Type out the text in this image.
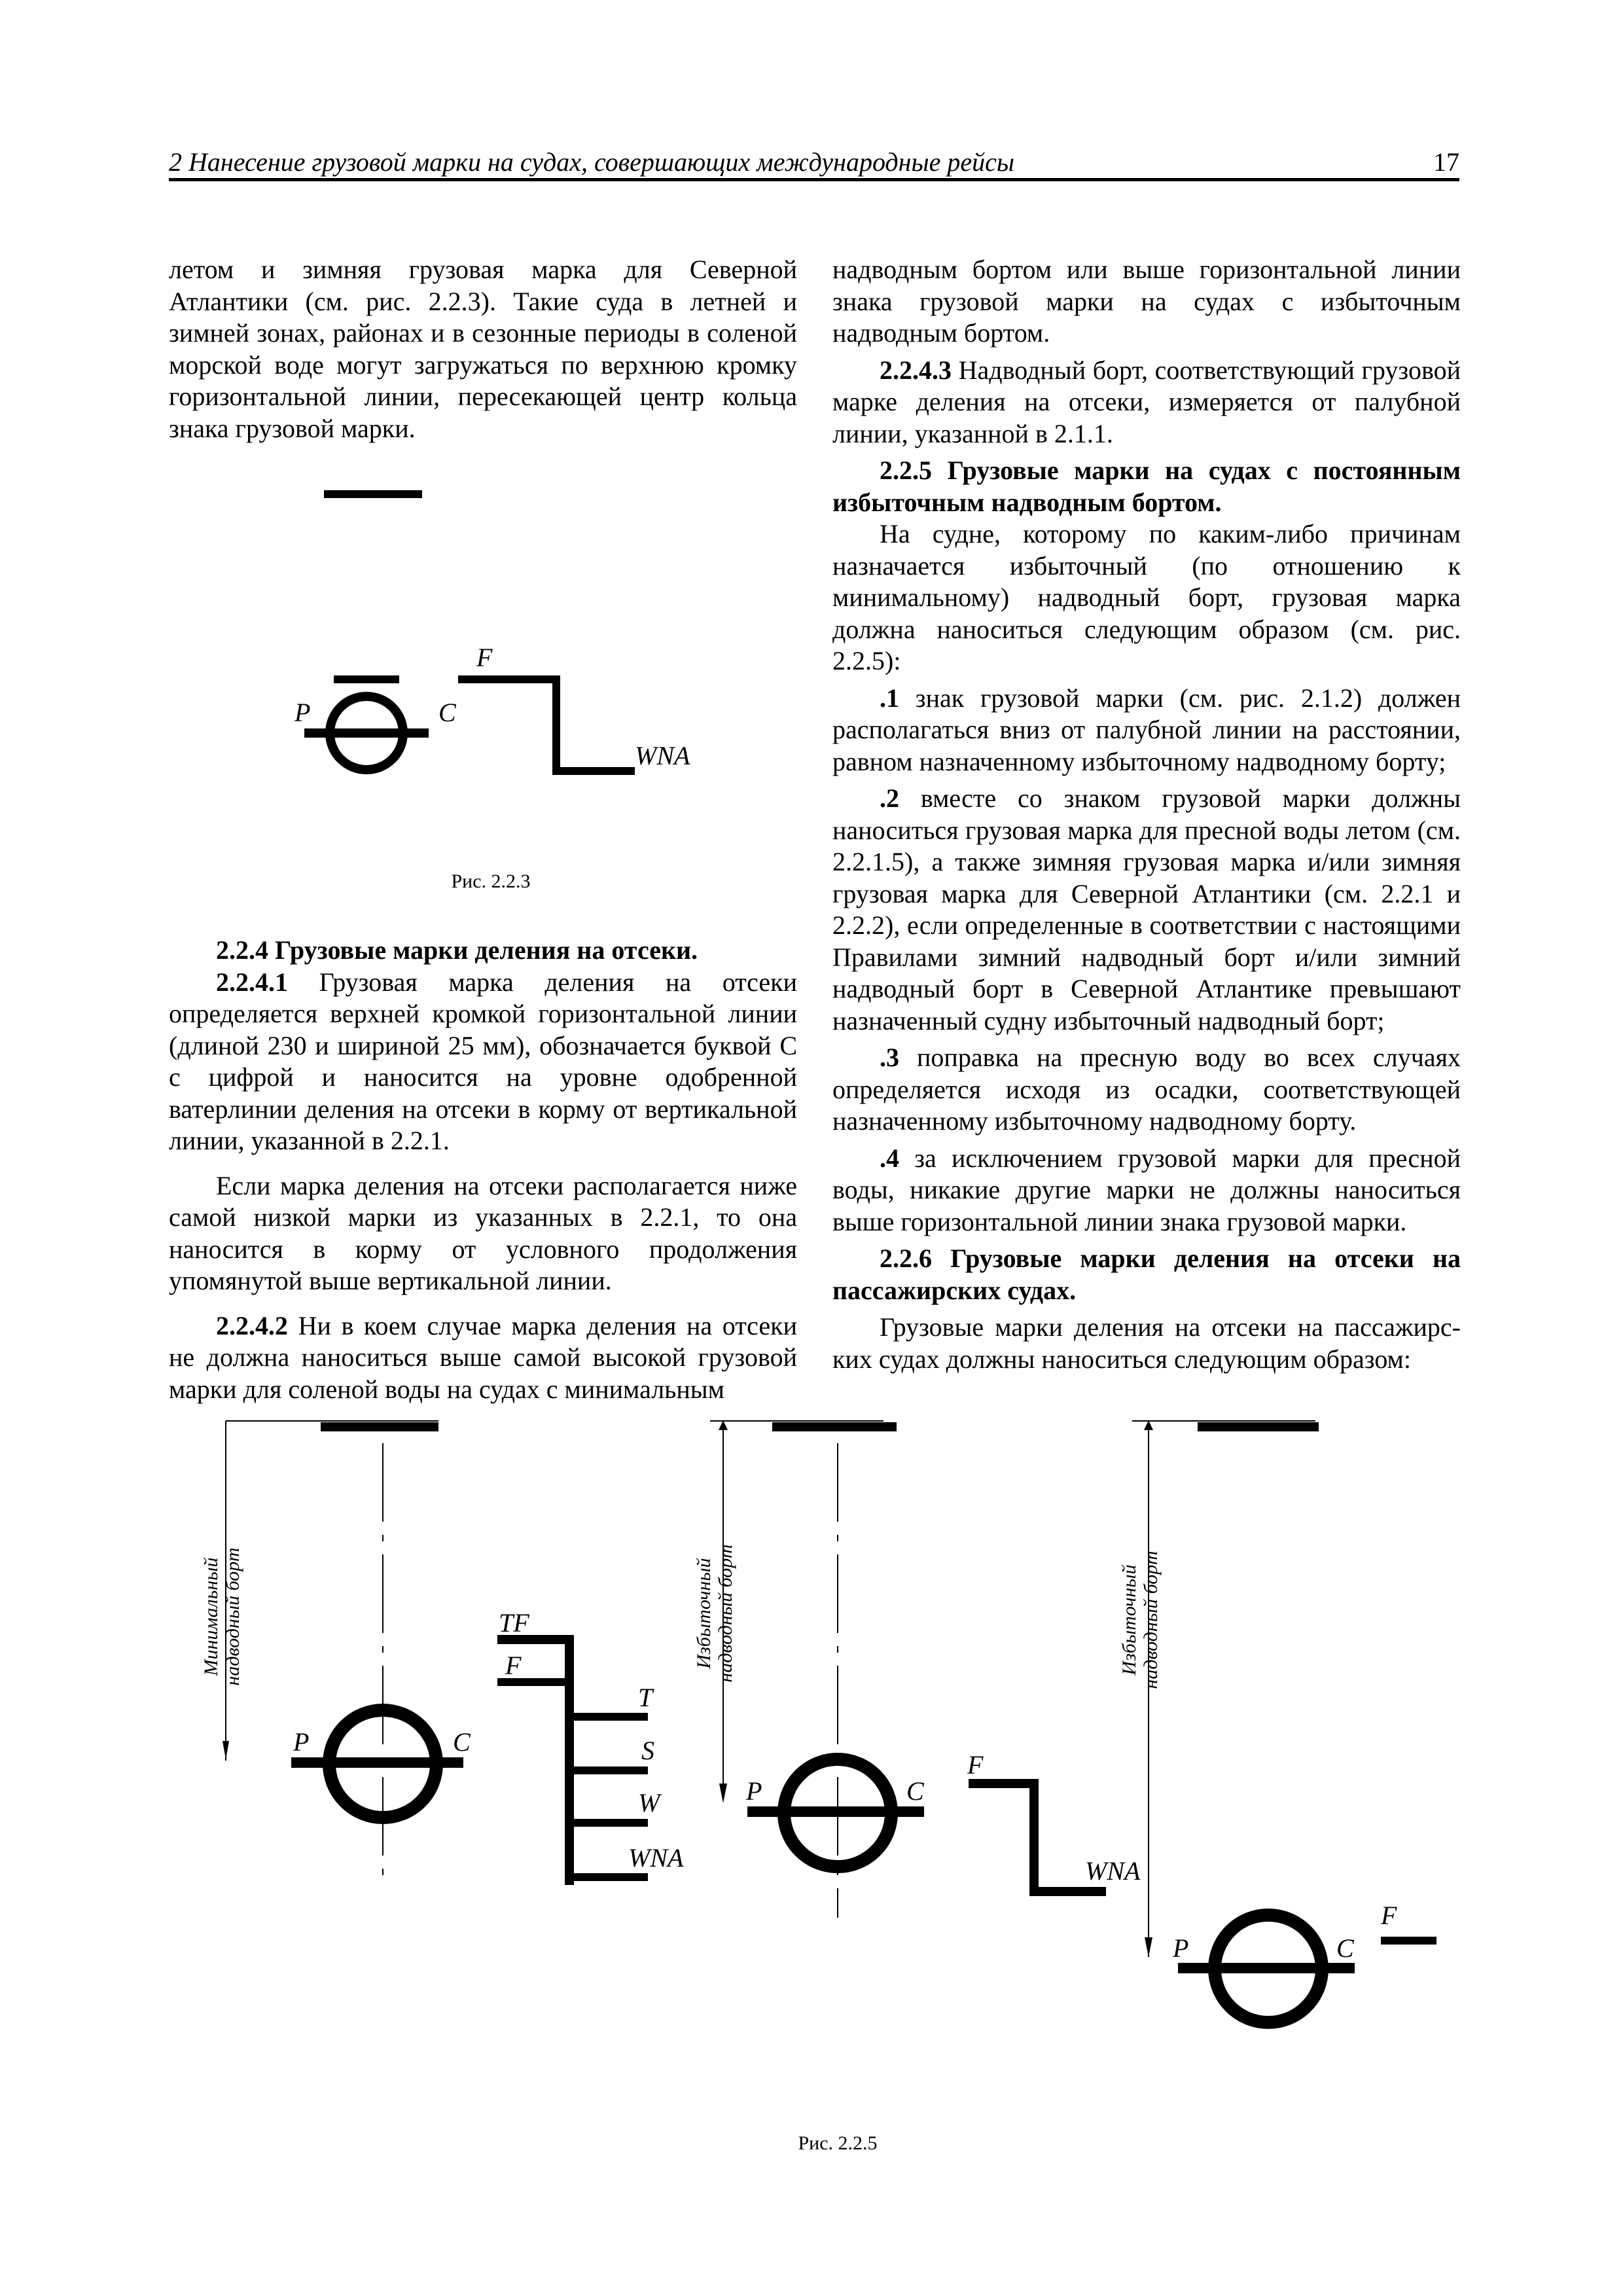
2 Нанесение грузовой марки на судах, совершающих международные рейсы	17

летом и зимняя грузовая марка для Северной Атлантики (см. рис. 2.2.3). Такие суда в летней и зимней зонах, районах и в сезонные периоды в соленой морской воде могут загружаться по верхнюю кромку горизонтальной линии, пересекающей центр кольца знака грузовой марки.

P	C
F
WNA
Рис. 2.2.3

2.2.4 Грузовые марки деления на отсеки.

2.2.4.1 Грузовая марка деления на отсеки определяется верхней кромкой горизонтальной линии (длиной 230 и шириной 25 мм), обозначается буквой С с цифрой и наносится на уровне одобренной ватерлинии деления на отсеки в корму от вертикальной линии, указанной в 2.2.1.

Если марка деления на отсеки располагается ниже самой низкой марки из указанных в 2.2.1, то она наносится в корму от условного продолжения упомянутой выше вертикальной линии.

2.2.4.2 Ни в коем случае марка деления на отсеки не должна наноситься выше самой высокой грузовой марки для соленой воды на судах с минимальным

надводным бортом или выше горизонтальной линии знака грузовой марки на судах с избыточным надводным бортом.

2.2.4.3 Надводный борт, соответствующий грузовой марке деления на отсеки, измеряется от палубной линии, указанной в 2.1.1.

2.2.5 Грузовые марки на судах с постоянным избыточным надводным бортом.

На судне, которому по каким-либо причинам назначается избыточный (по отношению к минимальному) надводный борт, грузовая марка должна наноситься следующим образом (см. рис. 2.2.5):

.1 знак грузовой марки (см. рис. 2.1.2) должен располагаться вниз от палубной линии на расстоянии, равном назначенному избыточному надводному борту;

.2 вместе со знаком грузовой марки должны наноситься грузовая марка для пресной воды летом (см. 2.2.1.5), а также зимняя грузовая марка и/или зимняя грузовая марка для Северной Атлантики (см. 2.2.1 и 2.2.2), если определенные в соответствии с настоящими Правилами зимний надводный борт и/или зимний надводный борт в Северной Атлантике превышают назначенный судну избыточный надводный борт;

.3 поправка на пресную воду во всех случаях определяется исходя из осадки, соответствующей назначенному избыточному надводному борту.

.4 за исключением грузовой марки для пресной воды, никакие другие марки не должны наноситься выше горизонтальной линии знака грузовой марки.

2.2.6 Грузовые марки деления на отсеки на пассажирских судах.

Грузовые марки деления на отсеки на пассажирских судах должны наноситься следующим образом:

Минимальный надводный борт
P	C
TF
F
T
S
W
WNA
Избыточный надводный борт
P	C
F
WNA
Избыточный надводный борт
P	C
F
Рис. 2.2.5
